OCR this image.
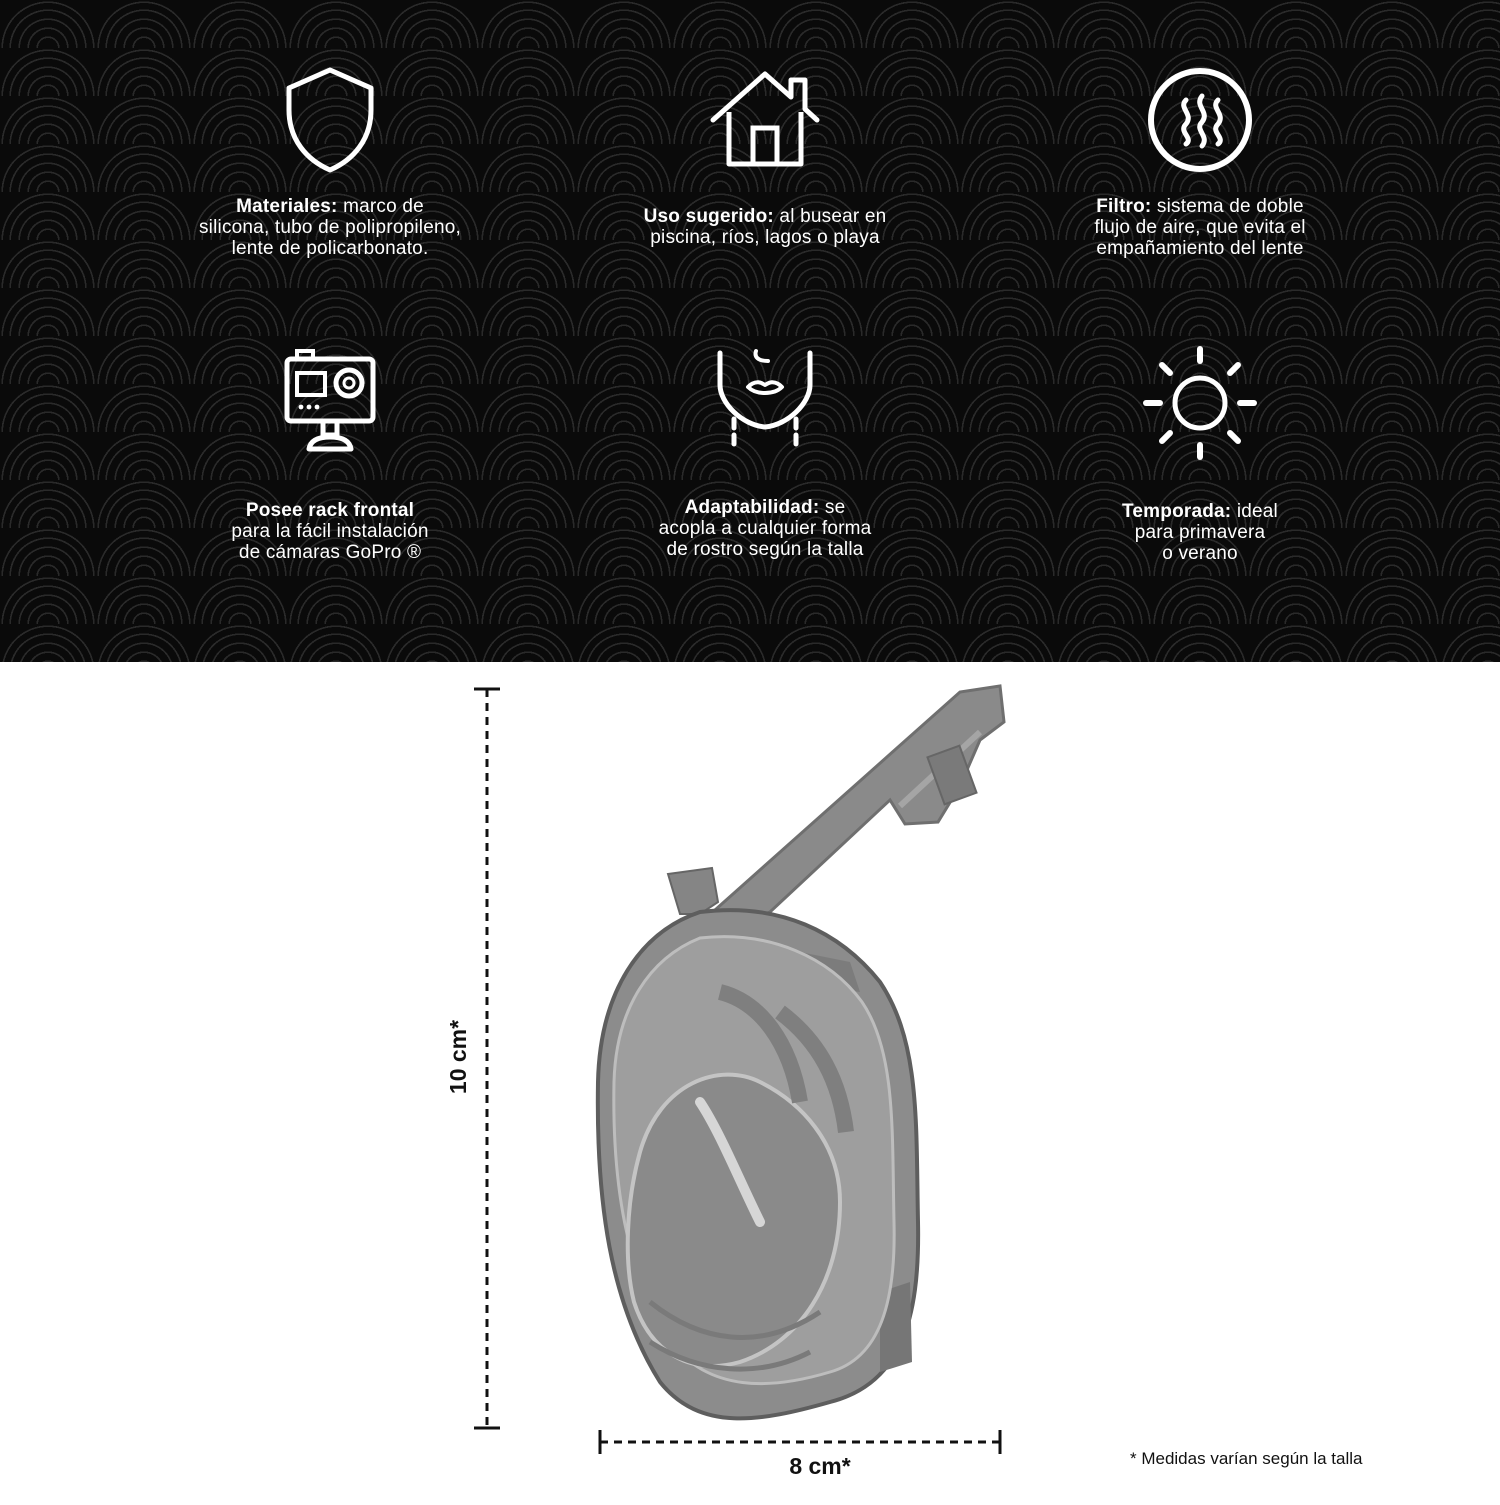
Materiales: marco de
silicona, tubo de polipropileno,
lente de policarbonato.
Uso sugerido: al busear en
piscina, ríos, lagos o playa
Filtro: sistema de doble
flujo de aire, que evita el
empañamiento del lente
Posee rack frontal
para la fácil instalación
de cámaras GoPro ®
Adaptabilidad: se
acopla a cualquier forma
de rostro según la talla
Temporada: ideal
para primavera
o verano
10 cm*
8 cm*	* Medidas varían según la talla
